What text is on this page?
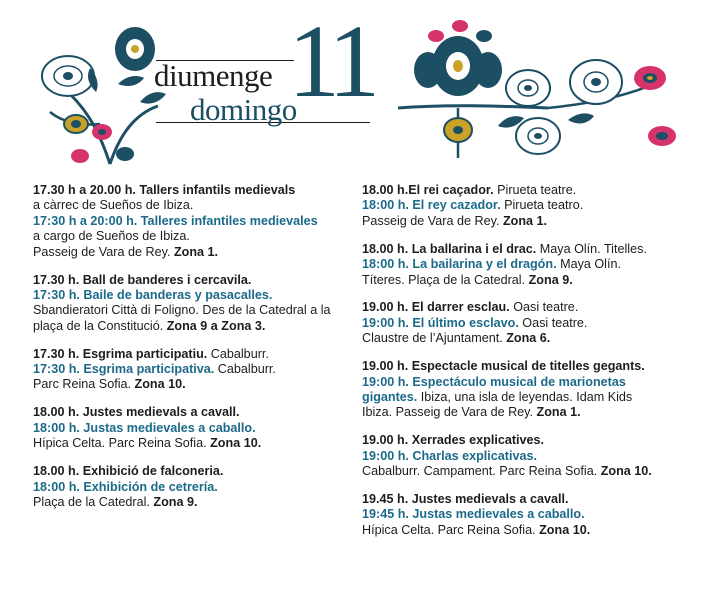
diumenge 11
domingo
17.30 h a 20.00 h. Tallers infantils medievals
a càrrec de Sueños de Ibiza.
17:30 h a 20:00 h. Talleres infantiles medievales
a cargo de Sueños de Ibiza.
Passeig de Vara de Rey. Zona 1.
17.30 h. Ball de banderes i cercavila.
17:30 h. Baile de banderas y pasacalles.
Sbandieratori Città di Foligno. Des de la Catedral a la
plaça de la Constitució. Zona 9 a Zona 3.
17.30 h. Esgrima participatiu. Cabalburr.
17:30 h. Esgrima participativa. Cabalburr.
Parc Reina Sofia. Zona 10.
18.00 h. Justes medievals a cavall.
18:00 h. Justas medievales a caballo.
Hípica Celta. Parc Reina Sofia. Zona 10.
18.00 h. Exhibició de falconeria.
18:00 h. Exhibición de cetrería.
Plaça de la Catedral. Zona 9.
18.00 h.El rei caçador. Pirueta teatre.
18:00 h. El rey cazador. Pirueta teatro.
Passeig de Vara de Rey. Zona 1.
18.00 h. La ballarina i el drac. Maya Olín. Titelles.
18:00 h. La bailarina y el dragón. Maya Olín.
Títeres. Plaça de la Catedral. Zona 9.
19.00 h. El darrer esclau. Oasi teatre.
19:00 h. El último esclavo. Oasi teatre.
Claustre de l’Ajuntament. Zona 6.
19.00 h. Espectacle musical de titelles gegants.
19:00 h. Espectáculo musical de marionetas
gigantes. Ibiza, una isla de leyendas. Idam Kids
Ibiza. Passeig de Vara de Rey. Zona 1.
19.00 h. Xerrades explicatives.
19:00 h. Charlas explicativas.
Cabalburr. Campament. Parc Reina Sofia. Zona 10.
19.45 h. Justes medievals a cavall.
19:45 h. Justas medievales a caballo.
Hípica Celta. Parc Reina Sofia. Zona 10.
